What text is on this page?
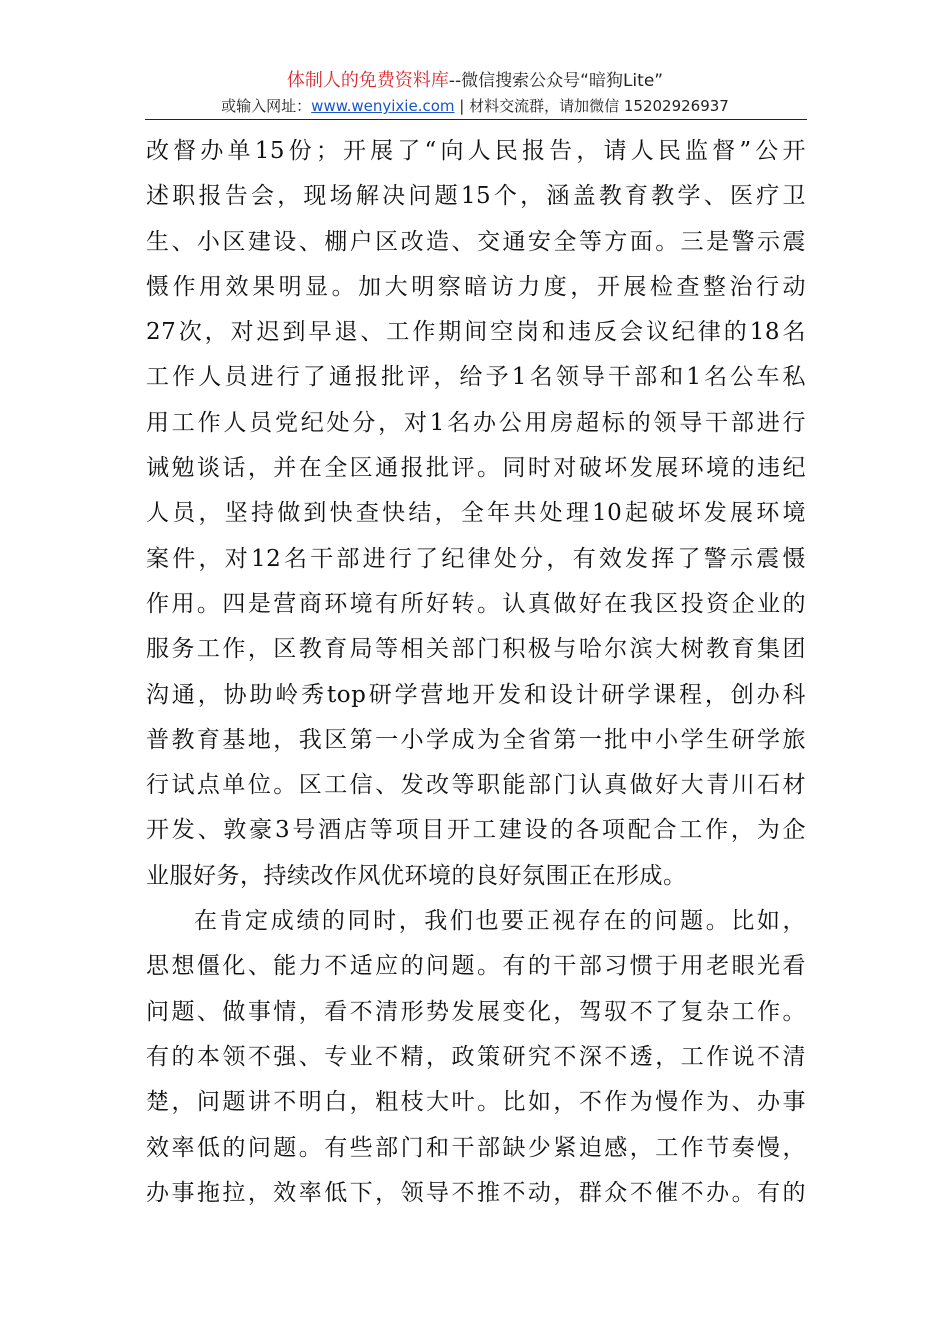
体制人的免费资料库--微信搜索公众号“暗狗Lite”
或输入网址：www.wenyixie.com | 材料交流群，请加微信 15202926937
改督办单15份；开展了“向人民报告，请人民监督”公开
述职报告会，现场解决问题15个，涵盖教育教学、医疗卫
生、小区建设、棚户区改造、交通安全等方面。三是警示震
慑作用效果明显。加大明察暗访力度，开展检查整治行动
27次，对迟到早退、工作期间空岗和违反会议纪律的18名
工作人员进行了通报批评，给予1名领导干部和1名公车私
用工作人员党纪处分，对1名办公用房超标的领导干部进行
诫勉谈话，并在全区通报批评。同时对破坏发展环境的违纪
人员，坚持做到快查快结，全年共处理10起破坏发展环境
案件，对12名干部进行了纪律处分，有效发挥了警示震慑
作用。四是营商环境有所好转。认真做好在我区投资企业的
服务工作，区教育局等相关部门积极与哈尔滨大树教育集团
沟通，协助岭秀top研学营地开发和设计研学课程，创办科
普教育基地，我区第一小学成为全省第一批中小学生研学旅
行试点单位。区工信、发改等职能部门认真做好大青川石材
开发、敦豪3号酒店等项目开工建设的各项配合工作，为企
业服好务，持续改作风优环境的良好氛围正在形成。
在肯定成绩的同时，我们也要正视存在的问题。比如，
思想僵化、能力不适应的问题。有的干部习惯于用老眼光看
问题、做事情，看不清形势发展变化，驾驭不了复杂工作。
有的本领不强、专业不精，政策研究不深不透，工作说不清
楚，问题讲不明白，粗枝大叶。比如，不作为慢作为、办事
效率低的问题。有些部门和干部缺少紧迫感，工作节奏慢，
办事拖拉，效率低下，领导不推不动，群众不催不办。有的
